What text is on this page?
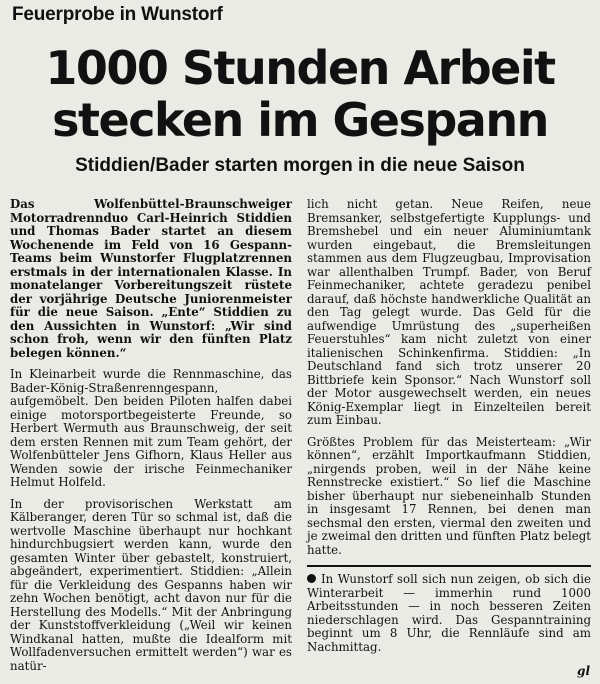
Feuerprobe in Wunstorf
1000 Stunden Arbeit
stecken im Gespann
Stiddien/Bader starten morgen in die neue Saison

Das Wolfenbüttel-Braunschweiger Motorradrennduo Carl-Heinrich Stiddien und Thomas Bader startet an diesem Wochenende im Feld von 16 Gespann-Teams beim Wunstorfer Flugplatzrennen erstmals in der internationalen Klasse. In monatelanger Vorbereitungszeit rüstete der vorjährige Deutsche Juniorenmeister für die neue Saison. „Ente“ Stiddien zu den Aussichten in Wunstorf: „Wir sind schon froh, wenn wir den fünften Platz belegen können.“

In Kleinarbeit wurde die Rennmaschine, das Bader-König-Straßenrenngespann, aufgemöbelt. Den beiden Piloten halfen dabei einige motorsportbegeisterte Freunde, so Herbert Wermuth aus Braunschweig, der seit dem ersten Rennen mit zum Team gehört, der Wolfenbütteler Jens Gifhorn, Klaus Heller aus Wenden sowie der irische Feinmechaniker Helmut Holfeld.

In der provisorischen Werkstatt am Kälberanger, deren Tür so schmal ist, daß die wertvolle Maschine überhaupt nur hochkant hindurchbugsiert werden kann, wurde den gesamten Winter über gebastelt, konstruiert, abgeändert, experimentiert. Stiddien: „Allein für die Verkleidung des Gespanns haben wir zehn Wochen benötigt, acht davon nur für die Herstellung des Modells.“ Mit der Anbringung der Kunststoffverkleidung („Weil wir keinen Windkanal hatten, mußte die Idealform mit Wollfadenversuchen ermittelt werden“) war es natür-

lich nicht getan. Neue Reifen, neue Bremsanker, selbstgefertigte Kupplungs- und Bremshebel und ein neuer Aluminiumtank wurden eingebaut, die Bremsleitungen stammen aus dem Flugzeugbau, Improvisation war allenthalben Trumpf. Bader, von Beruf Feinmechaniker, achtete geradezu penibel darauf, daß höchste handwerkliche Qualität an den Tag gelegt wurde. Das Geld für die aufwendige Umrüstung des „superheißen Feuerstuhles“ kam nicht zuletzt von einer italienischen Schinkenfirma. Stiddien: „In Deutschland fand sich trotz unserer 20 Bittbriefe kein Sponsor.“ Nach Wunstorf soll der Motor ausgewechselt werden, ein neues König-Exemplar liegt in Einzelteilen bereit zum Einbau.

Größtes Problem für das Meisterteam: „Wir können“, erzählt Importkaufmann Stiddien, „nirgends proben, weil in der Nähe keine Rennstrecke existiert.“ So lief die Maschine bisher überhaupt nur siebeneinhalb Stunden in insgesamt 17 Rennen, bei denen man sechsmal den ersten, viermal den zweiten und je zweimal den dritten und fünften Platz belegt hatte.

In Wunstorf soll sich nun zeigen, ob sich die Winterarbeit — immerhin rund 1000 Arbeitsstunden — in noch besseren Zeiten niederschlagen wird. Das Gespanntraining beginnt um 8 Uhr, die Rennläufe sind am Nachmittag.

gl
